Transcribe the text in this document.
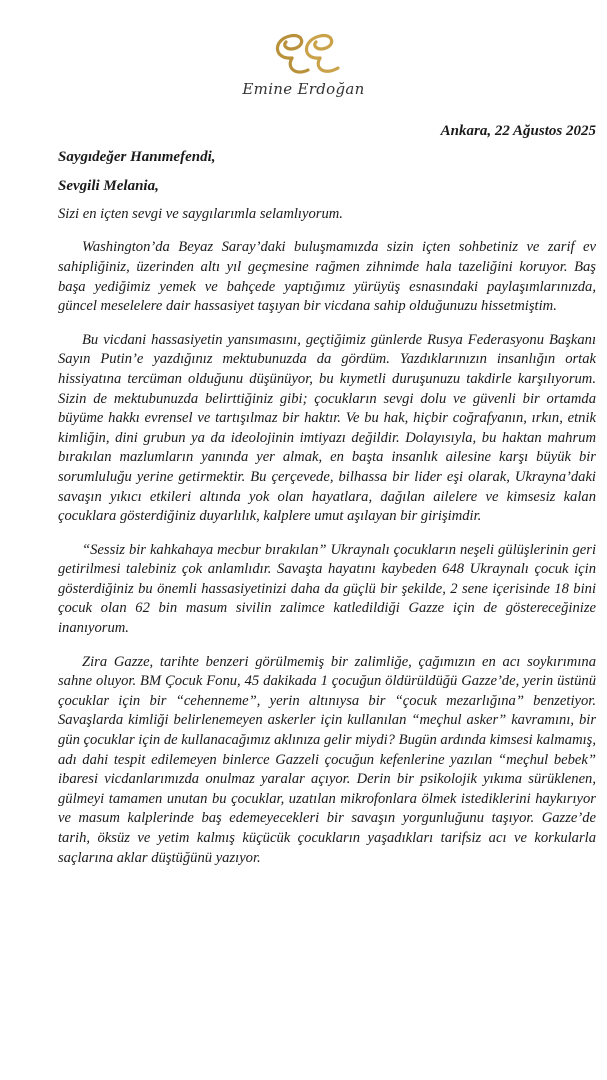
Emine Erdoğan

Ankara, 22 Ağustos 2025

Saygıdeğer Hanımefendi,

Sevgili Melania,

Sizi en içten sevgi ve saygılarımla selamlıyorum.

Washington’da Beyaz Saray’daki buluşmamızda sizin içten sohbetiniz ve zarif ev sahipliğiniz, üzerinden altı yıl geçmesine rağmen zihnimde hala tazeliğini koruyor. Baş başa yediğimiz yemek ve bahçede yaptığımız yürüyüş esnasındaki paylaşımlarınızda, güncel meselelere dair hassasiyet taşıyan bir vicdana sahip olduğunuzu hissetmiştim.

Bu vicdani hassasiyetin yansımasını, geçtiğimiz günlerde Rusya Federasyonu Başkanı Sayın Putin’e yazdığınız mektubunuzda da gördüm. Yazdıklarınızın insanlığın ortak hissiyatına tercüman olduğunu düşünüyor, bu kıymetli duruşunuzu takdirle karşılıyorum. Sizin de mektubunuzda belirttiğiniz gibi; çocukların sevgi dolu ve güvenli bir ortamda büyüme hakkı evrensel ve tartışılmaz bir haktır. Ve bu hak, hiçbir coğrafyanın, ırkın, etnik kimliğin, dini grubun ya da ideolojinin imtiyazı değildir. Dolayısıyla, bu haktan mahrum bırakılan mazlumların yanında yer almak, en başta insanlık ailesine karşı büyük bir sorumluluğu yerine getirmektir. Bu çerçevede, bilhassa bir lider eşi olarak, Ukrayna’daki savaşın yıkıcı etkileri altında yok olan hayatlara, dağılan ailelere ve kimsesiz kalan çocuklara gösterdiğiniz duyarlılık, kalplere umut aşılayan bir girişimdir.

“Sessiz bir kahkahaya mecbur bırakılan” Ukraynalı çocukların neşeli gülüşlerinin geri getirilmesi talebiniz çok anlamlıdır. Savaşta hayatını kaybeden 648 Ukraynalı çocuk için gösterdiğiniz bu önemli hassasiyetinizi daha da güçlü bir şekilde, 2 sene içerisinde 18 bini çocuk olan 62 bin masum sivilin zalimce katledildiği Gazze için de göstereceğinize inanıyorum.

Zira Gazze, tarihte benzeri görülmemiş bir zalimliğe, çağımızın en acı soykırımına sahne oluyor. BM Çocuk Fonu, 45 dakikada 1 çocuğun öldürüldüğü Gazze’de, yerin üstünü çocuklar için bir “cehenneme”, yerin altınıysa bir “çocuk mezarlığına” benzetiyor. Savaşlarda kimliği belirlenemeyen askerler için kullanılan “meçhul asker” kavramını, bir gün çocuklar için de kullanacağımız aklınıza gelir miydi? Bugün ardında kimsesi kalmamış, adı dahi tespit edilemeyen binlerce Gazzeli çocuğun kefenlerine yazılan “meçhul bebek” ibaresi vicdanlarımızda onulmaz yaralar açıyor. Derin bir psikolojik yıkıma sürüklenen, gülmeyi tamamen unutan bu çocuklar, uzatılan mikrofonlara ölmek istediklerini haykırıyor ve masum kalplerinde baş edemeyecekleri bir savaşın yorgunluğunu taşıyor. Gazze’de tarih, öksüz ve yetim kalmış küçücük çocukların yaşadıkları tarifsiz acı ve korkularla saçlarına aklar düştüğünü yazıyor.
